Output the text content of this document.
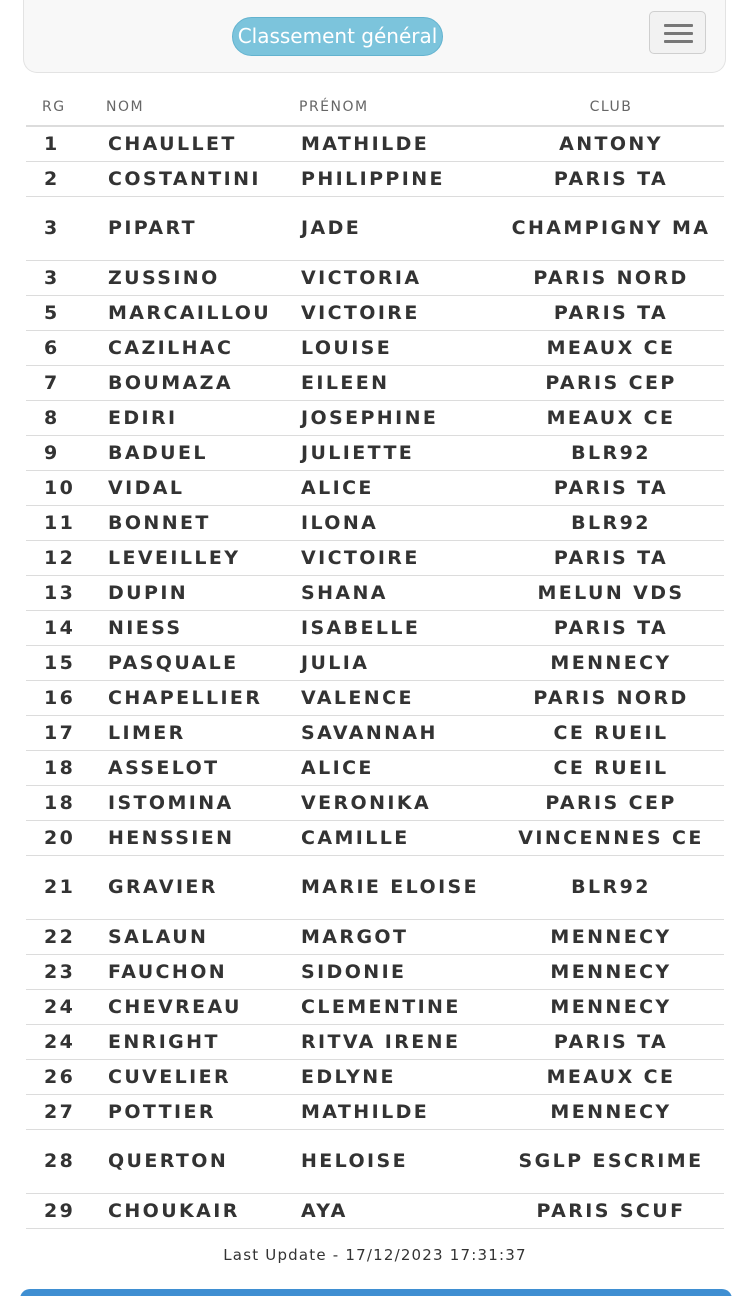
Classement général
RG	NOM	PRÉNOM	CLUB
1	CHAULLET	MATHILDE	ANTONY
2	COSTANTINI	PHILIPPINE	PARIS TA
3	PIPART	JADE	CHAMPIGNY MA
3	ZUSSINO	VICTORIA	PARIS NORD
5	MARCAILLOU	VICTOIRE	PARIS TA
6	CAZILHAC	LOUISE	MEAUX CE
7	BOUMAZA	EILEEN	PARIS CEP
8	EDIRI	JOSEPHINE	MEAUX CE
9	BADUEL	JULIETTE	BLR92
10	VIDAL	ALICE	PARIS TA
11	BONNET	ILONA	BLR92
12	LEVEILLEY	VICTOIRE	PARIS TA
13	DUPIN	SHANA	MELUN VDS
14	NIESS	ISABELLE	PARIS TA
15	PASQUALE	JULIA	MENNECY
16	CHAPELLIER	VALENCE	PARIS NORD
17	LIMER	SAVANNAH	CE RUEIL
18	ASSELOT	ALICE	CE RUEIL
18	ISTOMINA	VERONIKA	PARIS CEP
20	HENSSIEN	CAMILLE	VINCENNES CE
21	GRAVIER	MARIE ELOISE	BLR92
22	SALAUN	MARGOT	MENNECY
23	FAUCHON	SIDONIE	MENNECY
24	CHEVREAU	CLEMENTINE	MENNECY
24	ENRIGHT	RITVA IRENE	PARIS TA
26	CUVELIER	EDLYNE	MEAUX CE
27	POTTIER	MATHILDE	MENNECY
28	QUERTON	HELOISE	SGLP ESCRIME
29	CHOUKAIR	AYA	PARIS SCUF
Last Update - 17/12/2023 17:31:37
